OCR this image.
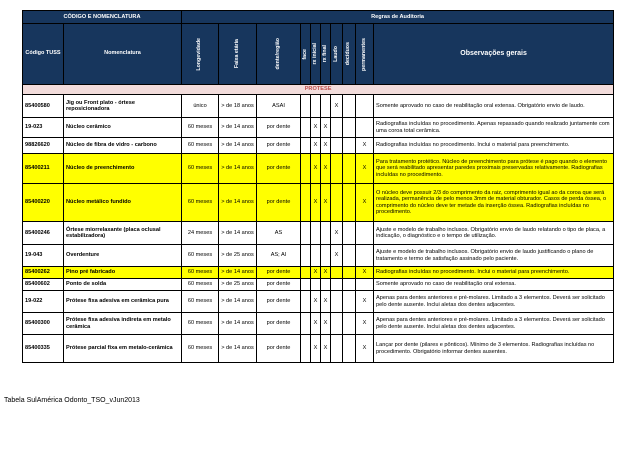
CÓDIGO E NOMENCLATURA		Regras de Auditoria									
Código TUSS	Nomenclatura	Longevidade	Faixa etária	dente/região	face	rx inicial	rx final	Laudo	decíduos	permanentes	Observações gerais
PROTESE											
85400580	Jig ou Front plato - órtese reposicionadora	único	> de 18 anos	ASAI				X			Somente aprovado no caso de reabilitação oral extensa. Obrigatório envio de laudo.
19-023	Núcleo cerâmico	60 meses	> de 14 anos	por dente		X	X				Radiografias incluídas no procedimento. Apenas repassado quando realizado juntamente com uma coroa total cerâmica.
98826620	Núcleo de fibra de vidro - carbono	60 meses	> de 14 anos	por dente		X	X			X	Radiografias incluídas no procedimento. Inclui o material para preenchimento.
85400211	Núcleo de preenchimento	60 meses	> de 14 anos	por dente		X	X			X	Para tratamento protético. Núcleo de preenchimento para prótese é pago quando o elemento que será reabilitado apresentar paredes proximais preservadas relativamente. Radiografias incluídas no procedimento.
85400220	Núcleo metálico fundido	60 meses	> de 14 anos	por dente		X	X			X	O núcleo deve possuir 2/3 do comprimento da raiz, comprimento igual ao da coroa que será realizada, permanência de pelo menos 3mm de material obturador. Casos de perda óssea, o comprimento do núcleo deve ter metade da inserção óssea. Radiografias incluídas no procedimento.
85400246	Órtese miorrelaxante (placa oclusal estabilizadora)	24 meses	> de 14 anos	AS				X			Ajuste e modelo de trabalho inclusos. Obrigatório envio de laudo relatando o tipo de placa, a indicação, o diagnóstico e o tempo de utilização.
19-043	Overdenture	60 meses	> de 25 anos	AS; AI				X			Ajuste e modelo de trabalho inclusos. Obrigatório envio de laudo justificando o plano de tratamento e termo de satisfação assinado pelo paciente.
85400262	Pino pré fabricado	60 meses	> de 14 anos	por dente		X	X			X	Radiografias incluídas no procedimento. Inclui o material para preenchimento.
85400602	Ponto de solda	60 meses	> de 25 anos	por dente							Somente aprovado no caso de reabilitação oral extensa.
19-022	Prótese fixa adesiva em cerâmica pura	60 meses	> de 14 anos	por dente		X	X			X	Apenas para dentes anteriores e pré-molares. Limitado a 3 elementos. Deverá ser solicitado pelo dente ausente. Inclui aletas dos dentes adjacentes.
85400300	Prótese fixa adesiva indireta em metalo cerâmica	60 meses	> de 14 anos	por dente		X	X			X	Apenas para dentes anteriores e pré-molares. Limitado a 3 elementos. Deverá ser solicitado pelo dente ausente. Inclui aletas dos dentes adjacentes.
85400335	Prótese parcial fixa em metalo-cerâmica	60 meses	> de 14 anos	por dente		X	X			X	Lançar por dente (pilares e pônticos). Mínimo de 3 elementos. Radiografias incluídas no procedimento. Obrigatório informar dentes ausentes.
Tabela SulAmérica Odonto_TSO_vJun2013
